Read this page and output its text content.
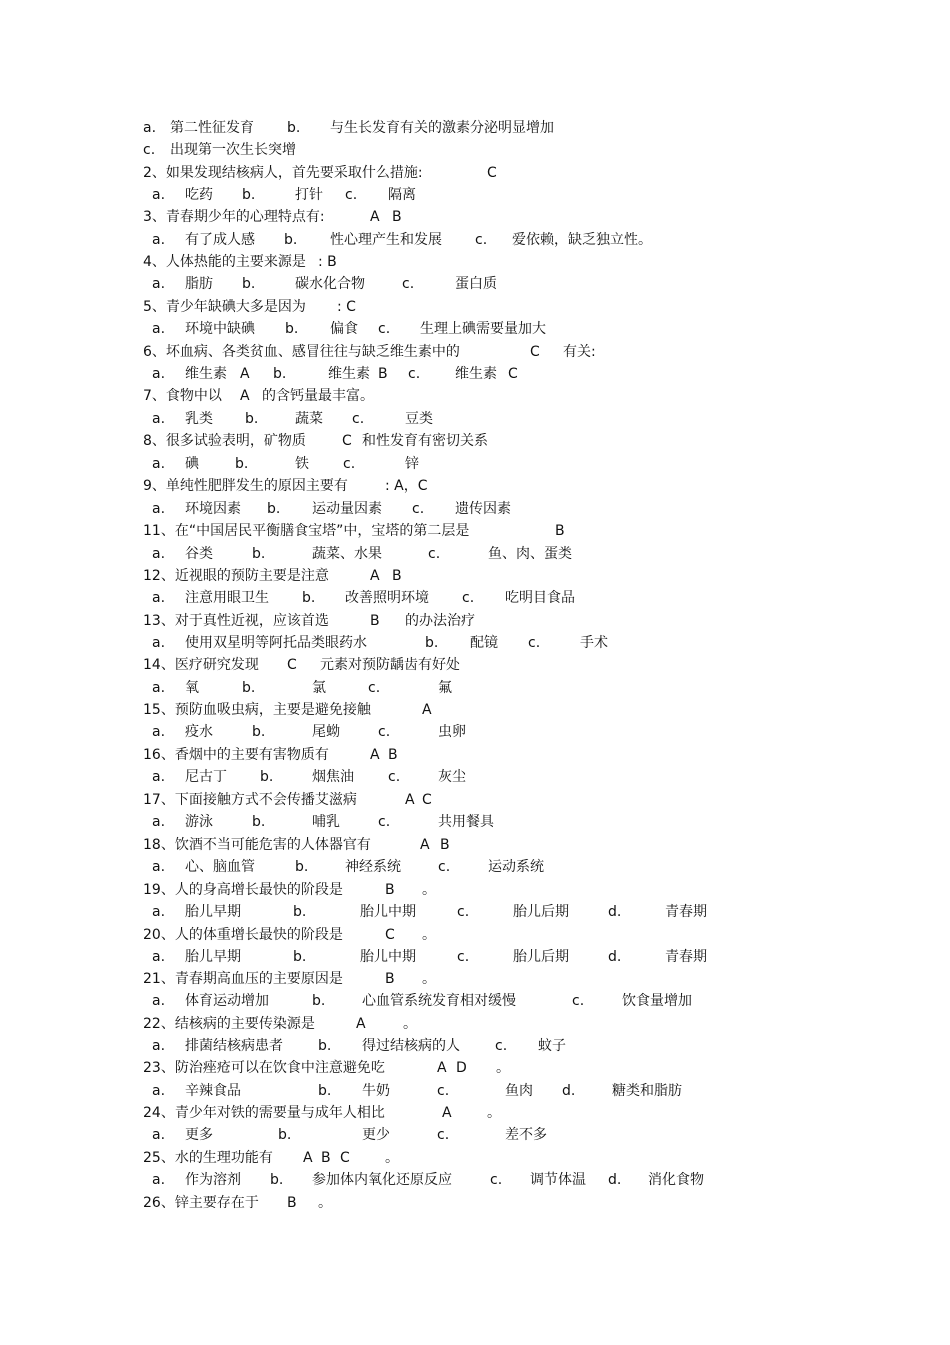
a. 第二性征发育 b. 与生长发育有关的激素分泌明显增加
c. 出现第一次生长突增
2、如果发现结核病人，首先要采取什么措施:	C
a. 吃药 b.	打针 c. 隔离
3、青春期少年的心理特点有:	A B
a. 有了成人感 b. 性心理产生和发展 c. 爱依赖，缺乏独立性。
4、人体热能的主要来源是 : B
a. 脂肪 b.	碳水化合物	c.	蛋白质
5、青少年缺碘大多是因为 : C
a. 环境中缺碘 b. 偏食 c. 生理上碘需要量加大
6、坏血病、各类贫血、感冒往往与缺乏维生素中的	C 有关:
a. 维生素 A b.	维生素 B c. 维生素 C
7、食物中以 A 的含钙量最丰富。
a. 乳类 b.	蔬菜 c.	豆类
8、很多试验表明，矿物质	C 和性发育有密切关系
a. 碘	b.	铁 c.	锌
9、单纯性肥胖发生的原因主要有	: A，C
a. 环境因素 b. 运动量因素 c. 遗传因素
11、在“中国居民平衡膳食宝塔”中，宝塔的第二层是	B
a. 谷类	b.	蔬菜、水果	c.	鱼、肉、蛋类
12、近视眼的预防主要是注意	A B
a. 注意用眼卫生 b. 改善照明环境 c. 吃明目食品
13、对于真性近视，应该首选	B 的办法治疗
a. 使用双星明等阿托品类眼药水	b. 配镜 c.	手术
14、医疗研究发现 C 元素对预防龋齿有好处
a. 氧	b.	氯	c.	氟
15、预防血吸虫病，主要是避免接触	A
a. 疫水	b.	尾蚴	c.	虫卵
16、香烟中的主要有害物质有	A B
a. 尼古丁 b.	烟焦油 c.	灰尘
17、下面接触方式不会传播艾滋病	A C
a. 游泳	b.	哺乳	c.	共用餐具
18、饮酒不当可能危害的人体器官有	A B
a. 心、脑血管	b.	神经系统	c.	运动系统
19、人的身高增长最快的阶段是	B 。
a. 胎儿早期	b.	胎儿中期	c.	胎儿后期	d.	青春期
20、人的体重增长最快的阶段是	C 。
a. 胎儿早期	b.	胎儿中期	c.	胎儿后期	d.	青春期
21、青春期高血压的主要原因是	B 。
a. 体育运动增加	b.	心血管系统发育相对缓慢	c.	饮食量增加
22、结核病的主要传染源是	A	。
a. 排菌结核病患者	b. 得过结核病的人	c. 蚊子
23、防治痤疮可以在饮食中注意避免吃	A D 。
a. 辛辣食品	b. 牛奶	c.	鱼肉 d.	糖类和脂肪
24、青少年对铁的需要量与成年人相比	A	。
a. 更多	b.	更少	c.	差不多
25、水的生理功能有 A B C	。
a. 作为溶剂 b. 参加体内氧化还原反应	c. 调节体温 d. 消化食物
26、锌主要存在于 B 。
